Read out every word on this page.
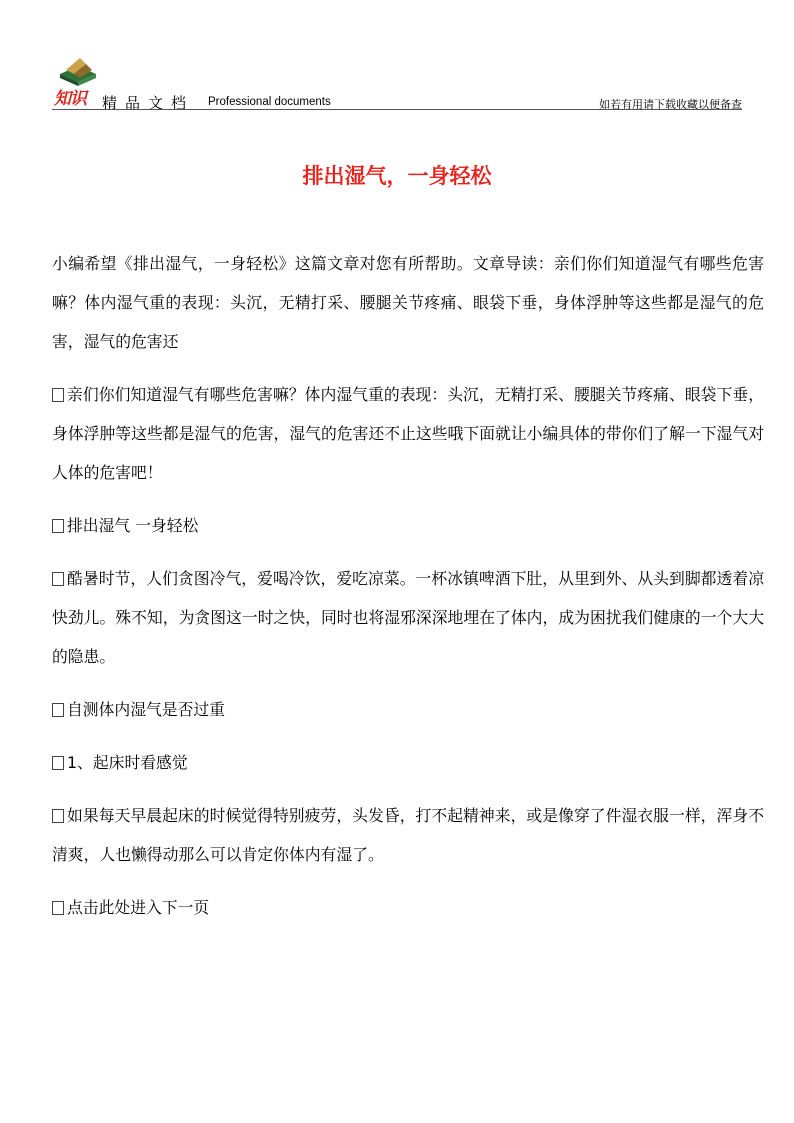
知识 精品文档 Professional documents	如若有用请下载收藏以便备查
排出湿气，一身轻松

小编希望《排出湿气，一身轻松》这篇文章对您有所帮助。文章导读：亲们你们知道湿气有哪些危害嘛？体内湿气重的表现：头沉，无精打采、腰腿关节疼痛、眼袋下垂，身体浮肿等这些都是湿气的危害，湿气的危害还

亲们你们知道湿气有哪些危害嘛？体内湿气重的表现：头沉，无精打采、腰腿关节疼痛、眼袋下垂，身体浮肿等这些都是湿气的危害，湿气的危害还不止这些哦下面就让小编具体的带你们了解一下湿气对人体的危害吧！

排出湿气 一身轻松

酷暑时节，人们贪图冷气，爱喝冷饮，爱吃凉菜。一杯冰镇啤酒下肚，从里到外、从头到脚都透着凉快劲儿。殊不知，为贪图这一时之快，同时也将湿邪深深地埋在了体内，成为困扰我们健康的一个大大的隐患。

自测体内湿气是否过重

1、起床时看感觉

如果每天早晨起床的时候觉得特别疲劳，头发昏，打不起精神来，或是像穿了件湿衣服一样，浑身不清爽，人也懒得动那么可以肯定你体内有湿了。

点击此处进入下一页
